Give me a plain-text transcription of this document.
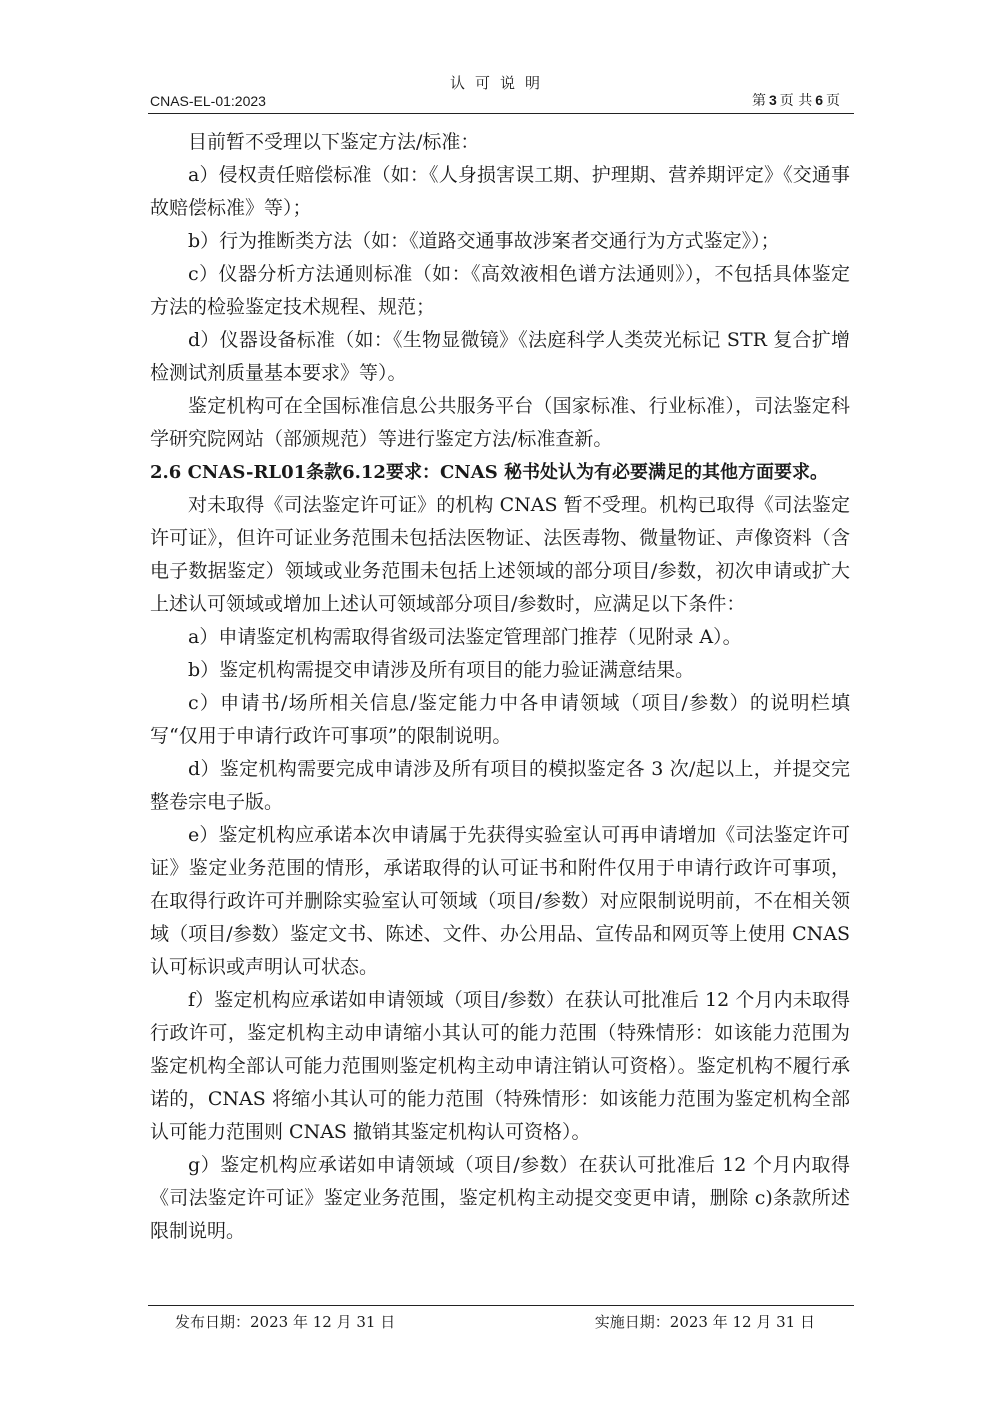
认可说明
CNAS-EL-01:2023	第 3 页 共 6 页

目前暂不受理以下鉴定方法/标准：

a）侵权责任赔偿标准（如：《人身损害误工期、护理期、营养期评定》《交通事故赔偿标准》等）；

b）行为推断类方法（如：《道路交通事故涉案者交通行为方式鉴定》）；

c）仪器分析方法通则标准（如：《高效液相色谱方法通则》），不包括具体鉴定方法的检验鉴定技术规程、规范；

d）仪器设备标准（如：《生物显微镜》《法庭科学人类荧光标记 STR 复合扩增检测试剂质量基本要求》等）。

鉴定机构可在全国标准信息公共服务平台（国家标准、行业标准），司法鉴定科学研究院网站（部颁规范）等进行鉴定方法/标准查新。

2.6 CNAS-RL01条款6.12要求：CNAS 秘书处认为有必要满足的其他方面要求。

对未取得《司法鉴定许可证》的机构 CNAS 暂不受理。机构已取得《司法鉴定许可证》，但许可证业务范围未包括法医物证、法医毒物、微量物证、声像资料（含电子数据鉴定）领域或业务范围未包括上述领域的部分项目/参数，初次申请或扩大上述认可领域或增加上述认可领域部分项目/参数时，应满足以下条件：

a）申请鉴定机构需取得省级司法鉴定管理部门推荐（见附录 A）。

b）鉴定机构需提交申请涉及所有项目的能力验证满意结果。

c）申请书/场所相关信息/鉴定能力中各申请领域（项目/参数）的说明栏填写“仅用于申请行政许可事项”的限制说明。

d）鉴定机构需要完成申请涉及所有项目的模拟鉴定各 3 次/起以上，并提交完整卷宗电子版。

e）鉴定机构应承诺本次申请属于先获得实验室认可再申请增加《司法鉴定许可证》鉴定业务范围的情形，承诺取得的认可证书和附件仅用于申请行政许可事项，在取得行政许可并删除实验室认可领域（项目/参数）对应限制说明前，不在相关领域（项目/参数）鉴定文书、陈述、文件、办公用品、宣传品和网页等上使用 CNAS 认可标识或声明认可状态。

f）鉴定机构应承诺如申请领域（项目/参数）在获认可批准后 12 个月内未取得行政许可，鉴定机构主动申请缩小其认可的能力范围（特殊情形：如该能力范围为鉴定机构全部认可能力范围则鉴定机构主动申请注销认可资格）。鉴定机构不履行承诺的，CNAS 将缩小其认可的能力范围（特殊情形：如该能力范围为鉴定机构全部认可能力范围则 CNAS 撤销其鉴定机构认可资格）。

g）鉴定机构应承诺如申请领域（项目/参数）在获认可批准后 12 个月内取得《司法鉴定许可证》鉴定业务范围，鉴定机构主动提交变更申请，删除 c)条款所述限制说明。

发布日期：2023 年 12 月 31 日	实施日期：2023 年 12 月 31 日
